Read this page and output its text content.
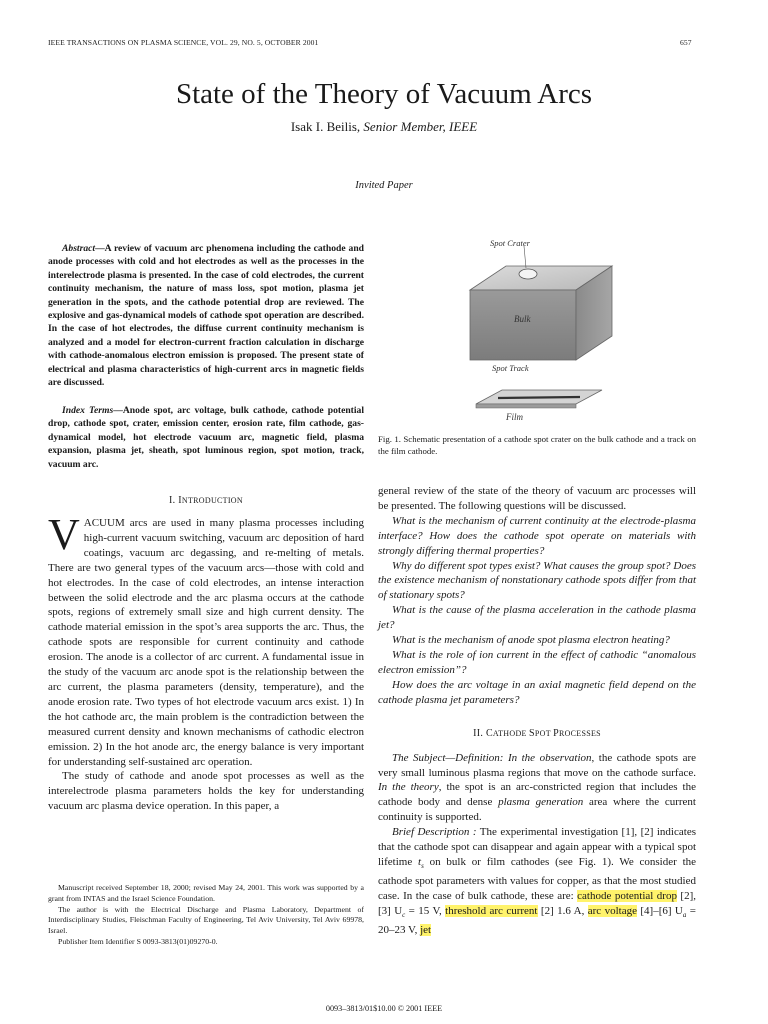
IEEE TRANSACTIONS ON PLASMA SCIENCE, VOL. 29, NO. 5, OCTOBER 2001	657
State of the Theory of Vacuum Arcs
Isak I. Beilis, Senior Member, IEEE
Invited Paper

Abstract—A review of vacuum arc phenomena including the cathode and anode processes with cold and hot electrodes as well as the processes in the interelectrode plasma is presented. In the case of cold electrodes, the current continuity mechanism, the nature of mass loss, spot motion, plasma jet generation in the spots, and the cathode potential drop are reviewed. The explosive and gas-dynamical models of cathode spot operation are described. In the case of hot electrodes, the diffuse current continuity mechanism is analyzed and a model for electron-current fraction calculation in discharge with cathode-anomalous electron emission is proposed. The present state of electrical and plasma characteristics of high-current arcs in magnetic fields are discussed.

Index Terms—Anode spot, arc voltage, bulk cathode, cathode potential drop, cathode spot, crater, emission center, erosion rate, film cathode, gas-dynamical model, hot electrode vacuum arc, magnetic field, plasma expansion, plasma jet, sheath, spot luminous region, spot motion, track, vacuum arc.

I. INTRODUCTION

VACUUM arcs are used in many plasma processes including high-current vacuum switching, vacuum arc deposition of hard coatings, vacuum arc degassing, and re-melting of metals. There are two general types of the vacuum arcs—those with cold and hot electrodes. In the case of cold electrodes, an intense interaction between the solid electrode and the arc plasma occurs at the cathode spots, regions of extremely small size and high current density. The cathode material emission in the spot’s area supports the arc. Thus, the cathode spots are responsible for current continuity and cathode erosion. The anode is a collector of arc current. A fundamental issue in the study of the vacuum arc anode spot is the relationship between the arc current, the plasma parameters (density, temperature), and the anode erosion rate. Two types of hot electrode vacuum arcs exist. 1) In the hot cathode arc, the main problem is the contradiction between the measured current density and known mechanisms of cathodic electron emission. 2) In the hot anode arc, the energy balance is very important for understanding self-sustained arc operation.

The study of cathode and anode spot processes as well as the interelectrode plasma parameters holds the key for understanding vacuum arc plasma device operation. In this paper, a

Manuscript received September 18, 2000; revised May 24, 2001. This work was supported by a grant from INTAS and the Israel Science Foundation.

The author is with the Electrical Discharge and Plasma Laboratory, Department of Interdisciplinary Studies, Fleischman Faculty of Engineering, Tel Aviv University, Tel Aviv 69978, Israel.

Publisher Item Identifier S 0093-3813(01)09270-0.

Spot Crater
Bulk
Spot Track
Film
Fig. 1. Schematic presentation of a cathode spot crater on the bulk cathode and a track on the film cathode.

general review of the state of the theory of vacuum arc processes will be presented. The following questions will be discussed.

What is the mechanism of current continuity at the electrode-plasma interface? How does the cathode spot operate on materials with strongly differing thermal properties?

Why do different spot types exist? What causes the group spot? Does the existence mechanism of nonstationary cathode spots differ from that of stationary spots?

What is the cause of the plasma acceleration in the cathode plasma jet?

What is the mechanism of anode spot plasma electron heating?

What is the role of ion current in the effect of cathodic “anomalous electron emission”?

How does the arc voltage in an axial magnetic field depend on the cathode plasma jet parameters?

II. CATHODE SPOT PROCESSES

The Subject—Definition: In the observation, the cathode spots are very small luminous plasma regions that move on the cathode surface. In the theory, the spot is an arc-constricted region that includes the cathode body and dense plasma generation area where the current continuity is supported.

Brief Description : The experimental investigation [1], [2] indicates that the cathode spot can disappear and again appear with a typical spot lifetime $t_s$ on bulk or film cathodes (see Fig. 1). We consider the cathode spot parameters with values for copper, as that the most studied case. In the case of bulk cathode, these are: cathode potential drop [2], [3] $U_c = 15$ V, threshold arc current [2] 1.6 A, arc voltage [4]–[6] $U_a = 20-23$ V, jet

0093–3813/01$10.00 © 2001 IEEE
